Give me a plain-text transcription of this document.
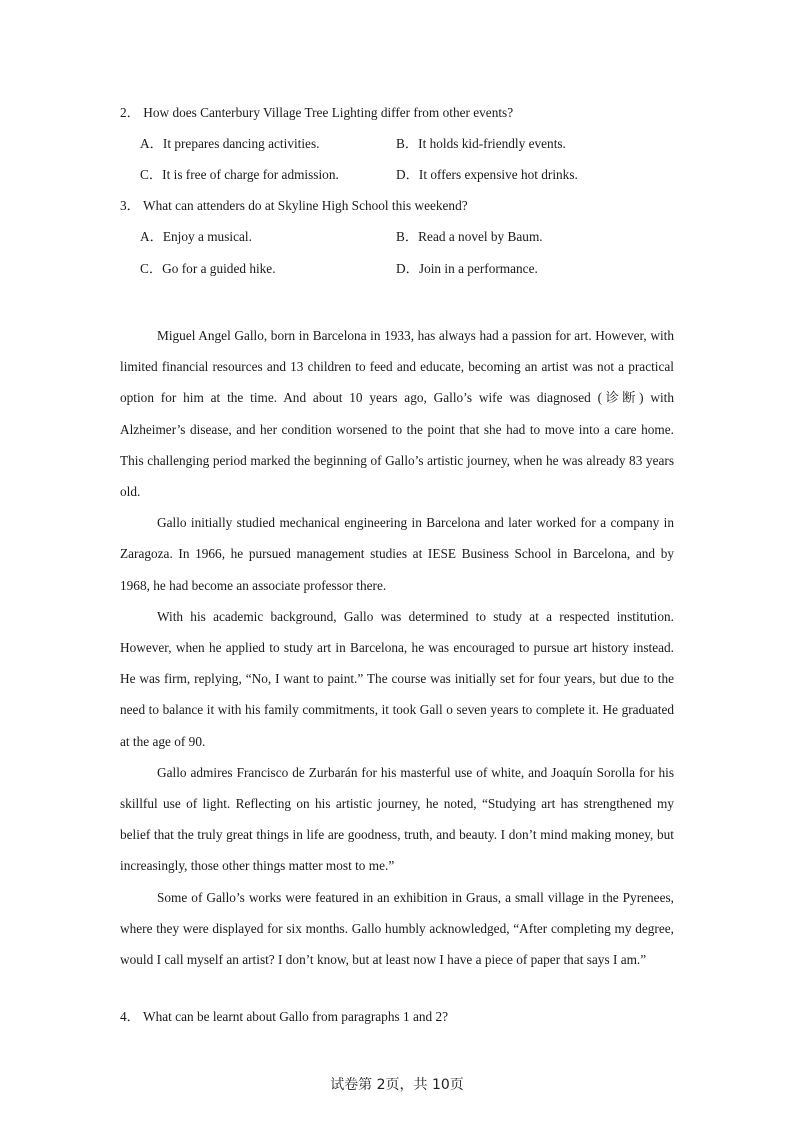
2． How does Canterbury Village Tree Lighting differ from other events?
A．It prepares dancing activities.	B．It holds kid-friendly events.
C．It is free of charge for admission.	D．It offers expensive hot drinks.
3． What can attenders do at Skyline High School this weekend?
A．Enjoy a musical.	B．Read a novel by Baum.
C．Go for a guided hike.	D．Join in a performance.

Miguel Angel Gallo, born in Barcelona in 1933, has always had a passion for art. However, with limited financial resources and 13 children to feed and educate, becoming an artist was not a practical option for him at the time. And about 10 years ago, Gallo’s wife was diagnosed (诊断) with Alzheimer’s disease, and her condition worsened to the point that she had to move into a care home. This challenging period marked the beginning of Gallo’s artistic journey, when he was already 83 years old.

Gallo initially studied mechanical engineering in Barcelona and later worked for a company in Zaragoza. In 1966, he pursued management studies at IESE Business School in Barcelona, and by 1968, he had become an associate professor there.

With his academic background, Gallo was determined to study at a respected institution. However, when he applied to study art in Barcelona, he was encouraged to pursue art history instead. He was firm, replying, “No, I want to paint.” The course was initially set for four years, but due to the need to balance it with his family commitments, it took Gall o seven years to complete it. He graduated at the age of 90.

Gallo admires Francisco de Zurbarán for his masterful use of white, and Joaquín Sorolla for his skillful use of light. Reflecting on his artistic journey, he noted, “Studying art has strengthened my belief that the truly great things in life are goodness, truth, and beauty. I don’t mind making money, but increasingly, those other things matter most to me.”

Some of Gallo’s works were featured in an exhibition in Graus, a small village in the Pyrenees, where they were displayed for six months. Gallo humbly acknowledged, “After completing my degree, would I call myself an artist? I don’t know, but at least now I have a piece of paper that says I am.”

4． What can be learnt about Gallo from paragraphs 1 and 2?
试卷第 2页，共 10页
